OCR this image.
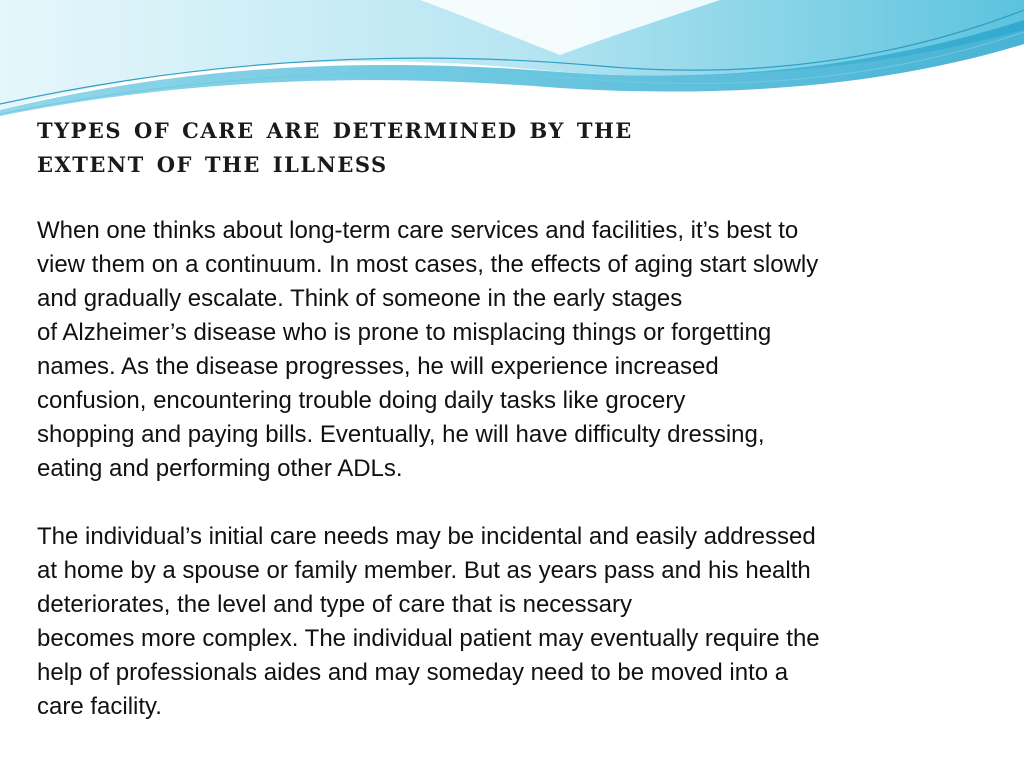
types of care are determined by the
extent of the illness

When one thinks about long-term care services and facilities, it’s best to
view them on a continuum. In most cases, the effects of aging start slowly
and gradually escalate. Think of someone in the early stages
of Alzheimer’s disease who is prone to misplacing things or forgetting
names. As the disease progresses, he will experience increased
confusion, encountering trouble doing daily tasks like grocery
shopping and paying bills. Eventually, he will have difficulty dressing,
eating and performing other ADLs.

The individual’s initial care needs may be incidental and easily addressed
at home by a spouse or family member. But as years pass and his health
deteriorates, the level and type of care that is necessary
becomes more complex. The individual patient may eventually require the
help of professionals aides and may someday need to be moved into a
care facility.
